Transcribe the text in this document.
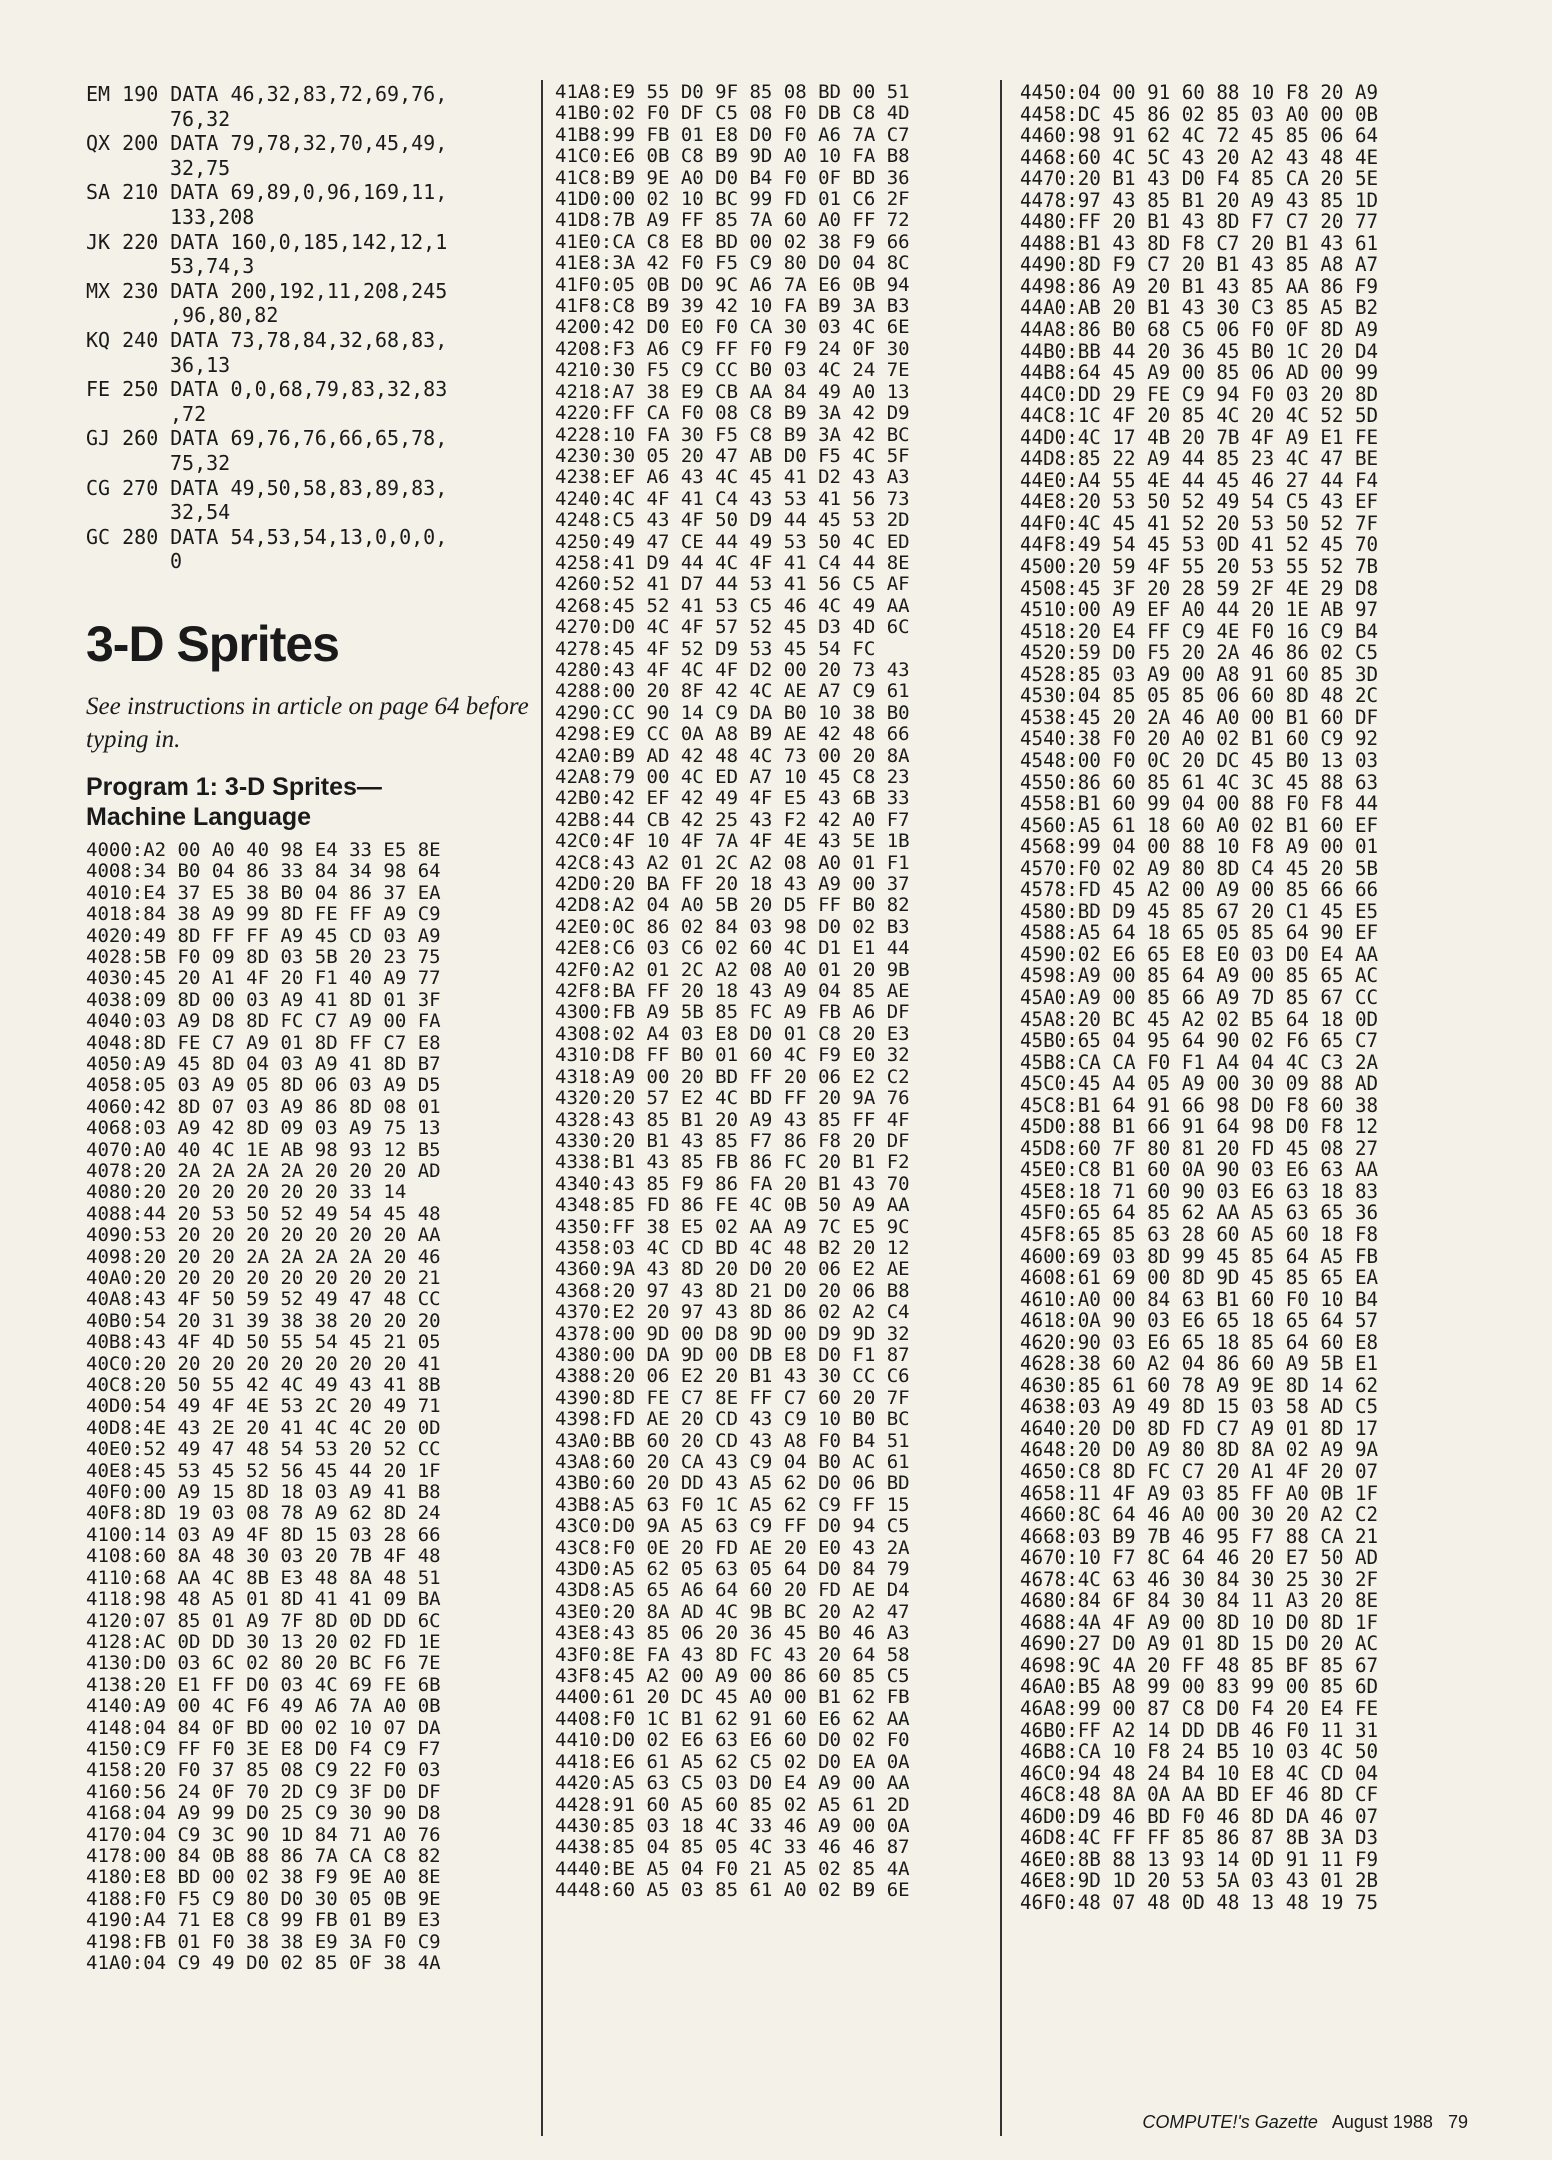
EM 190 DATA 46,32,83,72,69,76,

76,32
QX 200 DATA 79,78,32,70,45,49,

32,75
SA 210 DATA 69,89,0,96,169,11,

133,208
JK 220 DATA 160,0,185,142,12,1

53,74,3
MX 230 DATA 200,192,11,208,245

,96,80,82
KQ 240 DATA 73,78,84,32,68,83,

36,13
FE 250 DATA 0,0,68,79,83,32,83

,72
GJ 260 DATA 69,76,76,66,65,78,

75,32
CG 270 DATA 49,50,58,83,89,83,

32,54
GC 280 DATA 54,53,54,13,0,0,0,

0
3-D Sprites

See instructions in article on page 64 before typing in.

Program 1: 3-D Sprites—
Machine Language
4000:A2 00 A0 40 98 E4 33 E5 8E
4008:34 B0 04 86 33 84 34 98 64
4010:E4 37 E5 38 B0 04 86 37 EA
4018:84 38 A9 99 8D FE FF A9 C9
4020:49 8D FF FF A9 45 CD 03 A9
4028:5B F0 09 8D 03 5B 20 23 75
4030:45 20 A1 4F 20 F1 40 A9 77
4038:09 8D 00 03 A9 41 8D 01 3F
4040:03 A9 D8 8D FC C7 A9 00 FA
4048:8D FE C7 A9 01 8D FF C7 E8
4050:A9 45 8D 04 03 A9 41 8D B7
4058:05 03 A9 05 8D 06 03 A9 D5
4060:42 8D 07 03 A9 86 8D 08 01
4068:03 A9 42 8D 09 03 A9 75 13
4070:A0 40 4C 1E AB 98 93 12 B5
4078:20 2A 2A 2A 2A 20 20 20 AD
4080:20 20 20 20 20 20 33 14
4088:44 20 53 50 52 49 54 45 48
4090:53 20 20 20 20 20 20 20 AA
4098:20 20 20 2A 2A 2A 2A 20 46
40A0:20 20 20 20 20 20 20 20 21
40A8:43 4F 50 59 52 49 47 48 CC
40B0:54 20 31 39 38 38 20 20 20
40B8:43 4F 4D 50 55 54 45 21 05
40C0:20 20 20 20 20 20 20 20 41
40C8:20 50 55 42 4C 49 43 41 8B
40D0:54 49 4F 4E 53 2C 20 49 71
40D8:4E 43 2E 20 41 4C 4C 20 0D
40E0:52 49 47 48 54 53 20 52 CC
40E8:45 53 45 52 56 45 44 20 1F
40F0:00 A9 15 8D 18 03 A9 41 B8
40F8:8D 19 03 08 78 A9 62 8D 24
4100:14 03 A9 4F 8D 15 03 28 66
4108:60 8A 48 30 03 20 7B 4F 48
4110:68 AA 4C 8B E3 48 8A 48 51
4118:98 48 A5 01 8D 41 41 09 BA
4120:07 85 01 A9 7F 8D 0D DD 6C
4128:AC 0D DD 30 13 20 02 FD 1E
4130:D0 03 6C 02 80 20 BC F6 7E
4138:20 E1 FF D0 03 4C 69 FE 6B
4140:A9 00 4C F6 49 A6 7A A0 0B
4148:04 84 0F BD 00 02 10 07 DA
4150:C9 FF F0 3E E8 D0 F4 C9 F7
4158:20 F0 37 85 08 C9 22 F0 03
4160:56 24 0F 70 2D C9 3F D0 DF
4168:04 A9 99 D0 25 C9 30 90 D8
4170:04 C9 3C 90 1D 84 71 A0 76
4178:00 84 0B 88 86 7A CA C8 82
4180:E8 BD 00 02 38 F9 9E A0 8E
4188:F0 F5 C9 80 D0 30 05 0B 9E
4190:A4 71 E8 C8 99 FB 01 B9 E3
4198:FB 01 F0 38 38 E9 3A F0 C9
41A0:04 C9 49 D0 02 85 0F 38 4A
41A8:E9 55 D0 9F 85 08 BD 00 51
41B0:02 F0 DF C5 08 F0 DB C8 4D
41B8:99 FB 01 E8 D0 F0 A6 7A C7
41C0:E6 0B C8 B9 9D A0 10 FA B8
41C8:B9 9E A0 D0 B4 F0 0F BD 36
41D0:00 02 10 BC 99 FD 01 C6 2F
41D8:7B A9 FF 85 7A 60 A0 FF 72
41E0:CA C8 E8 BD 00 02 38 F9 66
41E8:3A 42 F0 F5 C9 80 D0 04 8C
41F0:05 0B D0 9C A6 7A E6 0B 94
41F8:C8 B9 39 42 10 FA B9 3A B3
4200:42 D0 E0 F0 CA 30 03 4C 6E
4208:F3 A6 C9 FF F0 F9 24 0F 30
4210:30 F5 C9 CC B0 03 4C 24 7E
4218:A7 38 E9 CB AA 84 49 A0 13
4220:FF CA F0 08 C8 B9 3A 42 D9
4228:10 FA 30 F5 C8 B9 3A 42 BC
4230:30 05 20 47 AB D0 F5 4C 5F
4238:EF A6 43 4C 45 41 D2 43 A3
4240:4C 4F 41 C4 43 53 41 56 73
4248:C5 43 4F 50 D9 44 45 53 2D
4250:49 47 CE 44 49 53 50 4C ED
4258:41 D9 44 4C 4F 41 C4 44 8E
4260:52 41 D7 44 53 41 56 C5 AF
4268:45 52 41 53 C5 46 4C 49 AA
4270:D0 4C 4F 57 52 45 D3 4D 6C
4278:45 4F 52 D9 53 45 54 FC
4280:43 4F 4C 4F D2 00 20 73 43
4288:00 20 8F 42 4C AE A7 C9 61
4290:CC 90 14 C9 DA B0 10 38 B0
4298:E9 CC 0A A8 B9 AE 42 48 66
42A0:B9 AD 42 48 4C 73 00 20 8A
42A8:79 00 4C ED A7 10 45 C8 23
42B0:42 EF 42 49 4F E5 43 6B 33
42B8:44 CB 42 25 43 F2 42 A0 F7
42C0:4F 10 4F 7A 4F 4E 43 5E 1B
42C8:43 A2 01 2C A2 08 A0 01 F1
42D0:20 BA FF 20 18 43 A9 00 37
42D8:A2 04 A0 5B 20 D5 FF B0 82
42E0:0C 86 02 84 03 98 D0 02 B3
42E8:C6 03 C6 02 60 4C D1 E1 44
42F0:A2 01 2C A2 08 A0 01 20 9B
42F8:BA FF 20 18 43 A9 04 85 AE
4300:FB A9 5B 85 FC A9 FB A6 DF
4308:02 A4 03 E8 D0 01 C8 20 E3
4310:D8 FF B0 01 60 4C F9 E0 32
4318:A9 00 20 BD FF 20 06 E2 C2
4320:20 57 E2 4C BD FF 20 9A 76
4328:43 85 B1 20 A9 43 85 FF 4F
4330:20 B1 43 85 F7 86 F8 20 DF
4338:B1 43 85 FB 86 FC 20 B1 F2
4340:43 85 F9 86 FA 20 B1 43 70
4348:85 FD 86 FE 4C 0B 50 A9 AA
4350:FF 38 E5 02 AA A9 7C E5 9C
4358:03 4C CD BD 4C 48 B2 20 12
4360:9A 43 8D 20 D0 20 06 E2 AE
4368:20 97 43 8D 21 D0 20 06 B8
4370:E2 20 97 43 8D 86 02 A2 C4
4378:00 9D 00 D8 9D 00 D9 9D 32
4380:00 DA 9D 00 DB E8 D0 F1 87
4388:20 06 E2 20 B1 43 30 CC C6
4390:8D FE C7 8E FF C7 60 20 7F
4398:FD AE 20 CD 43 C9 10 B0 BC
43A0:BB 60 20 CD 43 A8 F0 B4 51
43A8:60 20 CA 43 C9 04 B0 AC 61
43B0:60 20 DD 43 A5 62 D0 06 BD
43B8:A5 63 F0 1C A5 62 C9 FF 15
43C0:D0 9A A5 63 C9 FF D0 94 C5
43C8:F0 0E 20 FD AE 20 E0 43 2A
43D0:A5 62 05 63 05 64 D0 84 79
43D8:A5 65 A6 64 60 20 FD AE D4
43E0:20 8A AD 4C 9B BC 20 A2 47
43E8:43 85 06 20 36 45 B0 46 A3
43F0:8E FA 43 8D FC 43 20 64 58
43F8:45 A2 00 A9 00 86 60 85 C5
4400:61 20 DC 45 A0 00 B1 62 FB
4408:F0 1C B1 62 91 60 E6 62 AA
4410:D0 02 E6 63 E6 60 D0 02 F0
4418:E6 61 A5 62 C5 02 D0 EA 0A
4420:A5 63 C5 03 D0 E4 A9 00 AA
4428:91 60 A5 60 85 02 A5 61 2D
4430:85 03 18 4C 33 46 A9 00 0A
4438:85 04 85 05 4C 33 46 46 87
4440:BE A5 04 F0 21 A5 02 85 4A
4448:60 A5 03 85 61 A0 02 B9 6E
4450:04 00 91 60 88 10 F8 20 A9
4458:DC 45 86 02 85 03 A0 00 0B
4460:98 91 62 4C 72 45 85 06 64
4468:60 4C 5C 43 20 A2 43 48 4E
4470:20 B1 43 D0 F4 85 CA 20 5E
4478:97 43 85 B1 20 A9 43 85 1D
4480:FF 20 B1 43 8D F7 C7 20 77
4488:B1 43 8D F8 C7 20 B1 43 61
4490:8D F9 C7 20 B1 43 85 A8 A7
4498:86 A9 20 B1 43 85 AA 86 F9
44A0:AB 20 B1 43 30 C3 85 A5 B2
44A8:86 B0 68 C5 06 F0 0F 8D A9
44B0:BB 44 20 36 45 B0 1C 20 D4
44B8:64 45 A9 00 85 06 AD 00 99
44C0:DD 29 FE C9 94 F0 03 20 8D
44C8:1C 4F 20 85 4C 20 4C 52 5D
44D0:4C 17 4B 20 7B 4F A9 E1 FE
44D8:85 22 A9 44 85 23 4C 47 BE
44E0:A4 55 4E 44 45 46 27 44 F4
44E8:20 53 50 52 49 54 C5 43 EF
44F0:4C 45 41 52 20 53 50 52 7F
44F8:49 54 45 53 0D 41 52 45 70
4500:20 59 4F 55 20 53 55 52 7B
4508:45 3F 20 28 59 2F 4E 29 D8
4510:00 A9 EF A0 44 20 1E AB 97
4518:20 E4 FF C9 4E F0 16 C9 B4
4520:59 D0 F5 20 2A 46 86 02 C5
4528:85 03 A9 00 A8 91 60 85 3D
4530:04 85 05 85 06 60 8D 48 2C
4538:45 20 2A 46 A0 00 B1 60 DF
4540:38 F0 20 A0 02 B1 60 C9 92
4548:00 F0 0C 20 DC 45 B0 13 03
4550:86 60 85 61 4C 3C 45 88 63
4558:B1 60 99 04 00 88 F0 F8 44
4560:A5 61 18 60 A0 02 B1 60 EF
4568:99 04 00 88 10 F8 A9 00 01
4570:F0 02 A9 80 8D C4 45 20 5B
4578:FD 45 A2 00 A9 00 85 66 66
4580:BD D9 45 85 67 20 C1 45 E5
4588:A5 64 18 65 05 85 64 90 EF
4590:02 E6 65 E8 E0 03 D0 E4 AA
4598:A9 00 85 64 A9 00 85 65 AC
45A0:A9 00 85 66 A9 7D 85 67 CC
45A8:20 BC 45 A2 02 B5 64 18 0D
45B0:65 04 95 64 90 02 F6 65 C7
45B8:CA CA F0 F1 A4 04 4C C3 2A
45C0:45 A4 05 A9 00 30 09 88 AD
45C8:B1 64 91 66 98 D0 F8 60 38
45D0:88 B1 66 91 64 98 D0 F8 12
45D8:60 7F 80 81 20 FD 45 08 27
45E0:C8 B1 60 0A 90 03 E6 63 AA
45E8:18 71 60 90 03 E6 63 18 83
45F0:65 64 85 62 AA A5 63 65 36
45F8:65 85 63 28 60 A5 60 18 F8
4600:69 03 8D 99 45 85 64 A5 FB
4608:61 69 00 8D 9D 45 85 65 EA
4610:A0 00 84 63 B1 60 F0 10 B4
4618:0A 90 03 E6 65 18 65 64 57
4620:90 03 E6 65 18 85 64 60 E8
4628:38 60 A2 04 86 60 A9 5B E1
4630:85 61 60 78 A9 9E 8D 14 62
4638:03 A9 49 8D 15 03 58 AD C5
4640:20 D0 8D FD C7 A9 01 8D 17
4648:20 D0 A9 80 8D 8A 02 A9 9A
4650:C8 8D FC C7 20 A1 4F 20 07
4658:11 4F A9 03 85 FF A0 0B 1F
4660:8C 64 46 A0 00 30 20 A2 C2
4668:03 B9 7B 46 95 F7 88 CA 21
4670:10 F7 8C 64 46 20 E7 50 AD
4678:4C 63 46 30 84 30 25 30 2F
4680:84 6F 84 30 84 11 A3 20 8E
4688:4A 4F A9 00 8D 10 D0 8D 1F
4690:27 D0 A9 01 8D 15 D0 20 AC
4698:9C 4A 20 FF 48 85 BF 85 67
46A0:B5 A8 99 00 83 99 00 85 6D
46A8:99 00 87 C8 D0 F4 20 E4 FE
46B0:FF A2 14 DD DB 46 F0 11 31
46B8:CA 10 F8 24 B5 10 03 4C 50
46C0:94 48 24 B4 10 E8 4C CD 04
46C8:48 8A 0A AA BD EF 46 8D CF
46D0:D9 46 BD F0 46 8D DA 46 07
46D8:4C FF FF 85 86 87 8B 3A D3
46E0:8B 88 13 93 14 0D 91 11 F9
46E8:9D 1D 20 53 5A 03 43 01 2B
46F0:48 07 48 0D 48 13 48 19 75
COMPUTE!'s Gazette August 1988 79
